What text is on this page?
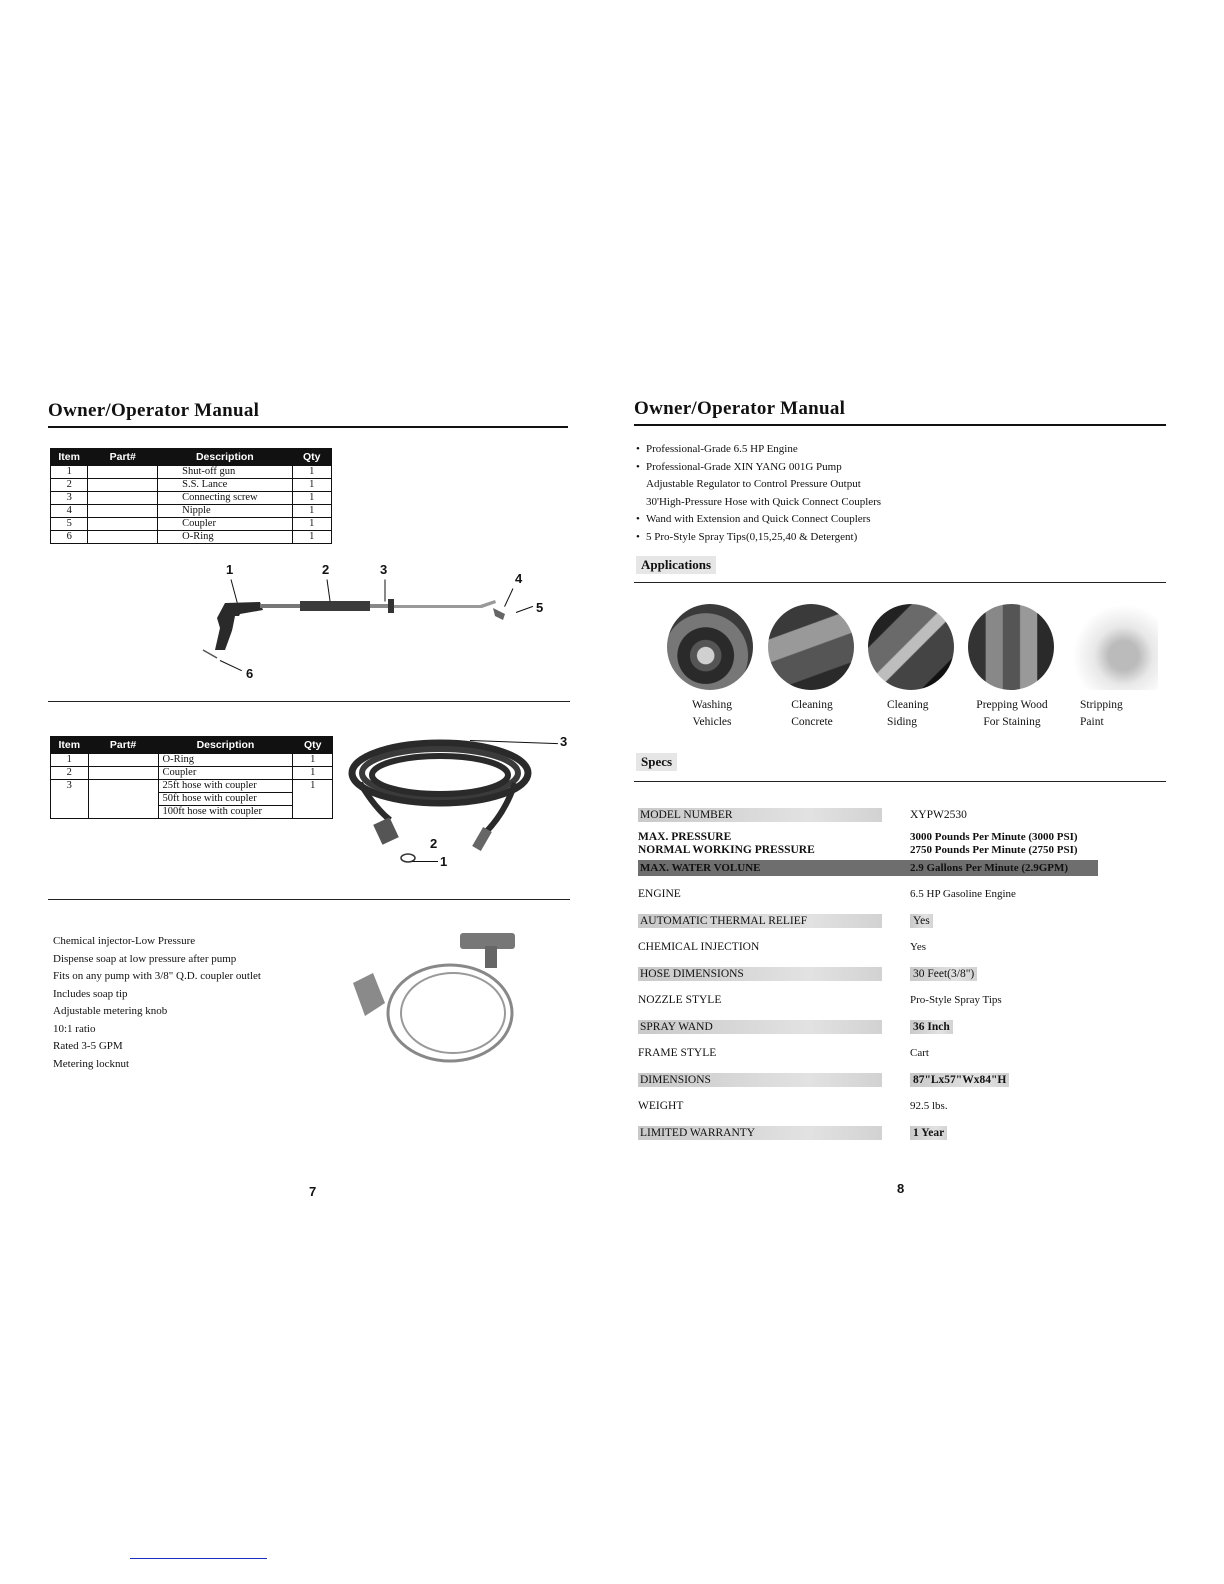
Owner/Operator Manual
Item	Part#	Description	Qty
1		Shut-off gun	1
2		S.S. Lance	1
3		Connecting screw	1
4		Nipple	1
5		Coupler	1
6		O-Ring	1
1	2	3
4
5
6
Item	Part#	Description	Qty
1		O-Ring	1
2		Coupler	1
3		25ft hose with coupler	1
		50ft hose with coupler	
		100ft hose with coupler	
3
2
1
Chemical injector-Low Pressure
Dispense soap at low pressure after pump
Fits on any pump with 3/8" Q.D. coupler outlet
Includes soap tip
Adjustable metering knob
10:1 ratio
Rated 3-5 GPM
Metering locknut
7
Owner/Operator Manual
• Professional-Grade 6.5 HP Engine
• Professional-Grade XIN YANG 001G Pump
Adjustable Regulator to Control Pressure Output
30'High-Pressure Hose with Quick Connect Couplers
• Wand with Extension and Quick Connect Couplers
• 5 Pro-Style Spray Tips(0,15,25,40 & Detergent)
Applications
Washing
Vehicles
Cleaning
Concrete
Cleaning
Siding
Prepping Wood
For Staining
Stripping
Paint
Specs
MODEL NUMBER	XYPW2530
MAX. PRESSURE	3000 Pounds Per Minute (3000 PSI)
NORMAL WORKING PRESSURE	2750 Pounds Per Minute (2750 PSI)
MAX. WATER VOLUNE	2.9 Gallons Per Minute (2.9GPM)
ENGINE	6.5 HP Gasoline Engine
AUTOMATIC THERMAL RELIEF	Yes
CHEMICAL INJECTION	Yes
HOSE DIMENSIONS	30 Feet(3/8")
NOZZLE STYLE	Pro-Style Spray Tips
SPRAY WAND	36 Inch
FRAME STYLE	Cart
DIMENSIONS	87"Lx57"Wx84"H
WEIGHT	92.5 lbs.
LIMITED WARRANTY	1 Year
8
